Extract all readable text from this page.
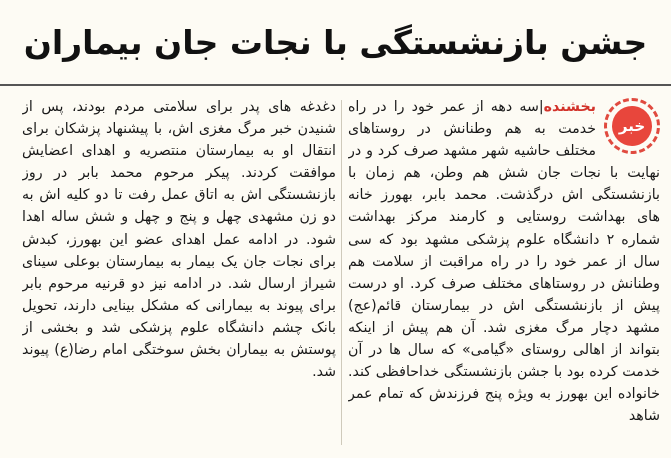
جشن بازنشستگی با نجات جان بیماران
خبر

بخشنده|سه دهه از عمر خود را در راه خدمت به هم وطنانش در روستاهای مختلف حاشیه شهر مشهد صرف کرد و در نهایت با نجات جان شش هم وطن، هم زمان با بازنشستگی اش درگذشت. محمد بابر، بهورز خانه های بهداشت روستایی و کارمند مرکز بهداشت شماره ۲ دانشگاه علوم پزشکی مشهد بود که سی سال از عمر خود را در راه مراقبت از سلامت هم وطنانش در روستاهای مختلف صرف کرد. او درست پیش از بازنشستگی اش در بیمارستان قائم(عج) مشهد دچار مرگ مغزی شد. آن هم پیش از اینکه بتواند از اهالی روستای «گیامی» که سال ها در آن خدمت کرده بود با جشن بازنشستگی خداحافظی کند. خانواده این بهورز به ویژه پنج فرزندش که تمام عمر شاهد

دغدغه های پدر برای سلامتی مردم بودند، پس از شنیدن خبر مرگ مغزی اش، با پیشنهاد پزشکان برای انتقال او به بیمارستان منتصریه و اهدای اعضایش موافقت کردند. پیکر مرحوم محمد بابر در روز بازنشستگی اش به اتاق عمل رفت تا دو کلیه اش به دو زن مشهدی چهل و پنج و چهل و شش ساله اهدا شود. در ادامه عمل اهدای عضو این بهورز، کبدش برای نجات جان یک بیمار به بیمارستان بوعلی سینای شیراز ارسال شد. در ادامه نیز دو قرنیه مرحوم بابر برای پیوند به بیمارانی که مشکل بینایی دارند، تحویل بانک چشم دانشگاه علوم پزشکی شد و بخشی از پوستش به بیماران بخش سوختگی امام رضا(ع) پیوند شد.
